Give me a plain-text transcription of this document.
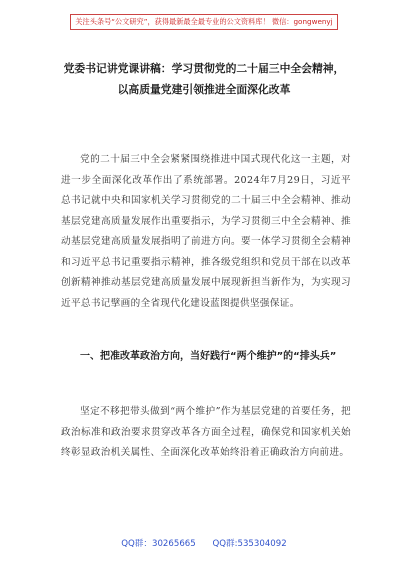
关注头条号“公文研究”，获得最新最全最专业的公文资料库！ 微信：gongwenyj
党委书记讲党课讲稿：学习贯彻党的二十届三中全会精神，
以高质量党建引领推进全面深化改革
党的二十届三中全会紧紧围绕推进中国式现代化这一主题，对进一步全面深化改革作出了系统部署。2024年7月29日，习近平总书记就中央和国家机关学习贯彻党的二十届三中全会精神、推动基层党建高质量发展作出重要指示，为学习贯彻三中全会精神、推动基层党建高质量发展指明了前进方向。要一体学习贯彻全会精神和习近平总书记重要指示精神，推各级党组织和党员干部在以改革创新精神推动基层党建高质量发展中展现新担当新作为，为实现习近平总书记擘画的全省现代化建设蓝图提供坚强保证。
一、把准改革政治方向，当好践行“两个维护”的“排头兵”
坚定不移把带头做到“两个维护”作为基层党建的首要任务，把政治标准和政治要求贯穿改革各方面全过程，确保党和国家机关始终彰显政治机关属性、全面深化改革始终沿着正确政治方向前进。
QQ群：30265665 QQ群:535304092
